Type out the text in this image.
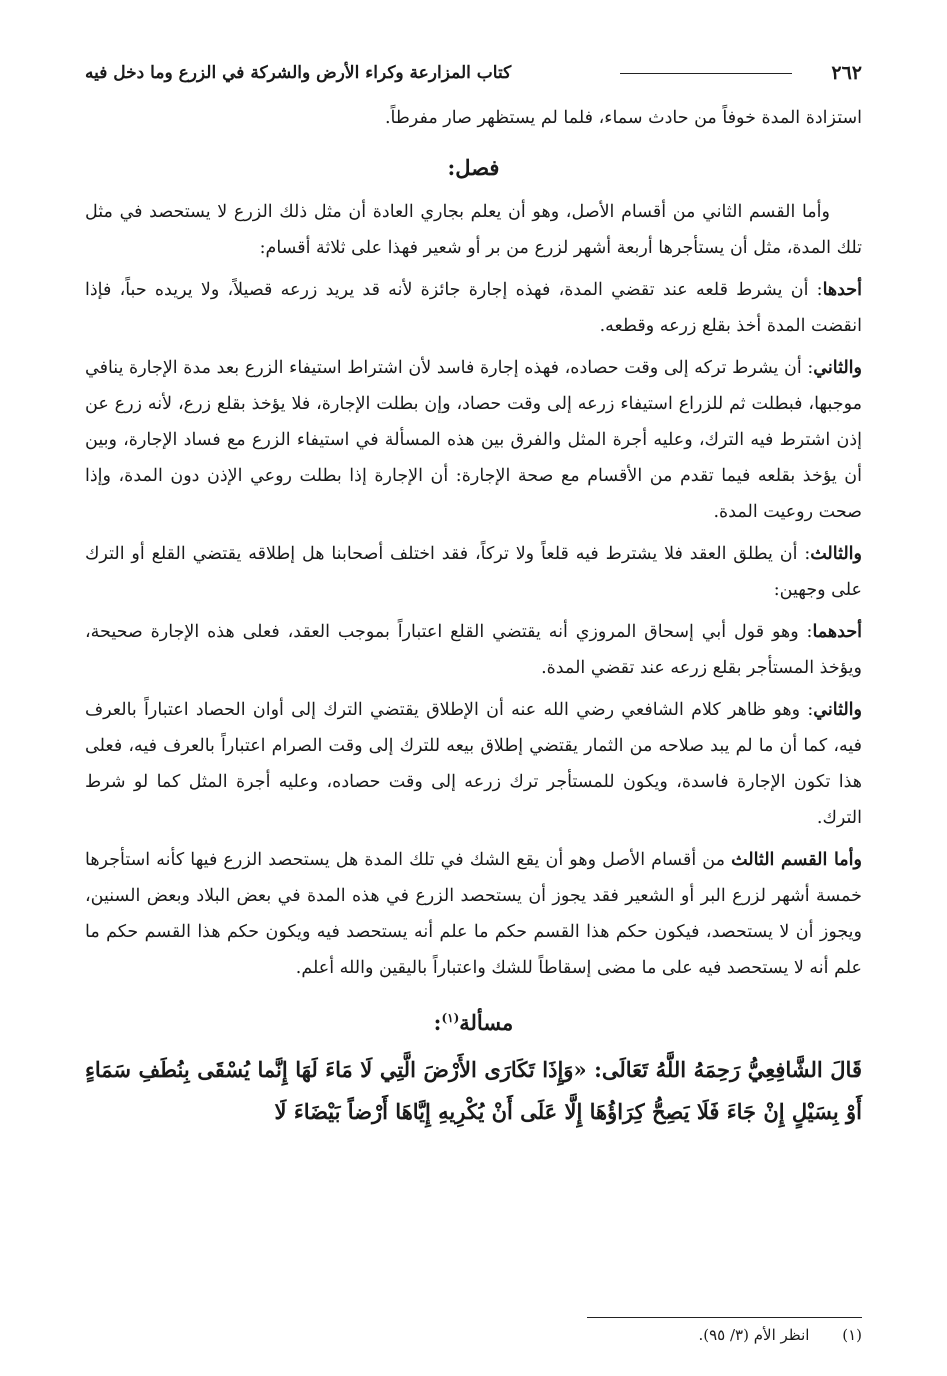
٢٦٢
كتاب المزارعة وكراء الأرض والشركة في الزرع وما دخل فيه

استزادة المدة خوفاً من حادث سماء، فلما لم يستظهر صار مفرطاً.

فصل:

وأما القسم الثاني من أقسام الأصل، وهو أن يعلم بجاري العادة أن مثل ذلك الزرع لا يستحصد في مثل تلك المدة، مثل أن يستأجرها أربعة أشهر لزرع من بر أو شعير فهذا على ثلاثة أقسام:

أحدها: أن يشرط قلعه عند تقضي المدة، فهذه إجارة جائزة لأنه قد يريد زرعه قصيلاً، ولا يريده حباً، فإذا انقضت المدة أخذ بقلع زرعه وقطعه.

والثاني: أن يشرط تركه إلى وقت حصاده، فهذه إجارة فاسد لأن اشتراط استيفاء الزرع بعد مدة الإجارة ينافي موجبها، فبطلت ثم للزراع استيفاء زرعه إلى وقت حصاد، وإن بطلت الإجارة، فلا يؤخذ بقلع زرع، لأنه زرع عن إذن اشترط فيه الترك، وعليه أجرة المثل والفرق بين هذه المسألة في استيفاء الزرع مع فساد الإجارة، وبين أن يؤخذ بقلعه فيما تقدم من الأقسام مع صحة الإجارة: أن الإجارة إذا بطلت روعي الإذن دون المدة، وإذا صحت روعيت المدة.

والثالث: أن يطلق العقد فلا يشترط فيه قلعاً ولا تركاً، فقد اختلف أصحابنا هل إطلاقه يقتضي القلع أو الترك على وجهين:

أحدهما: وهو قول أبي إسحاق المروزي أنه يقتضي القلع اعتباراً بموجب العقد، فعلى هذه الإجارة صحيحة، ويؤخذ المستأجر بقلع زرعه عند تقضي المدة.

والثاني: وهو ظاهر كلام الشافعي رضي الله عنه أن الإطلاق يقتضي الترك إلى أوان الحصاد اعتباراً بالعرف فيه، كما أن ما لم يبد صلاحه من الثمار يقتضي إطلاق بيعه للترك إلى وقت الصرام اعتباراً بالعرف فيه، فعلى هذا تكون الإجارة فاسدة، ويكون للمستأجر ترك زرعه إلى وقت حصاده، وعليه أجرة المثل كما لو شرط الترك.

وأما القسم الثالث من أقسام الأصل وهو أن يقع الشك في تلك المدة هل يستحصد الزرع فيها كأنه استأجرها خمسة أشهر لزرع البر أو الشعير فقد يجوز أن يستحصد الزرع في هذه المدة في بعض البلاد وبعض السنين، ويجوز أن لا يستحصد، فيكون حكم هذا القسم حكم ما علم أنه يستحصد فيه ويكون حكم هذا القسم حكم ما علم أنه لا يستحصد فيه على ما مضى إسقاطاً للشك واعتباراً باليقين والله أعلم.

مسألة$^{(١)}$:

قَالَ الشَّافِعِيُّ رَحِمَهُ اللَّهُ تَعَالَى: «وَإِذَا تَكَارَى الأَرْضَ الَّتِي لَا مَاءَ لَهَا إِنَّما يُسْقَى بِنُطَفِ سَمَاءٍ أَوْ بِسَيْلٍ إِنْ جَاءَ فَلَا يَصِحُّ كِرَاؤُهَا إِلَّا عَلَى أَنْ يُكْرِيهِ إِيَّاهَا أَرْضاً بَيْضَاءَ لَا

(١) انظر الأم (٣/ ٩٥).
